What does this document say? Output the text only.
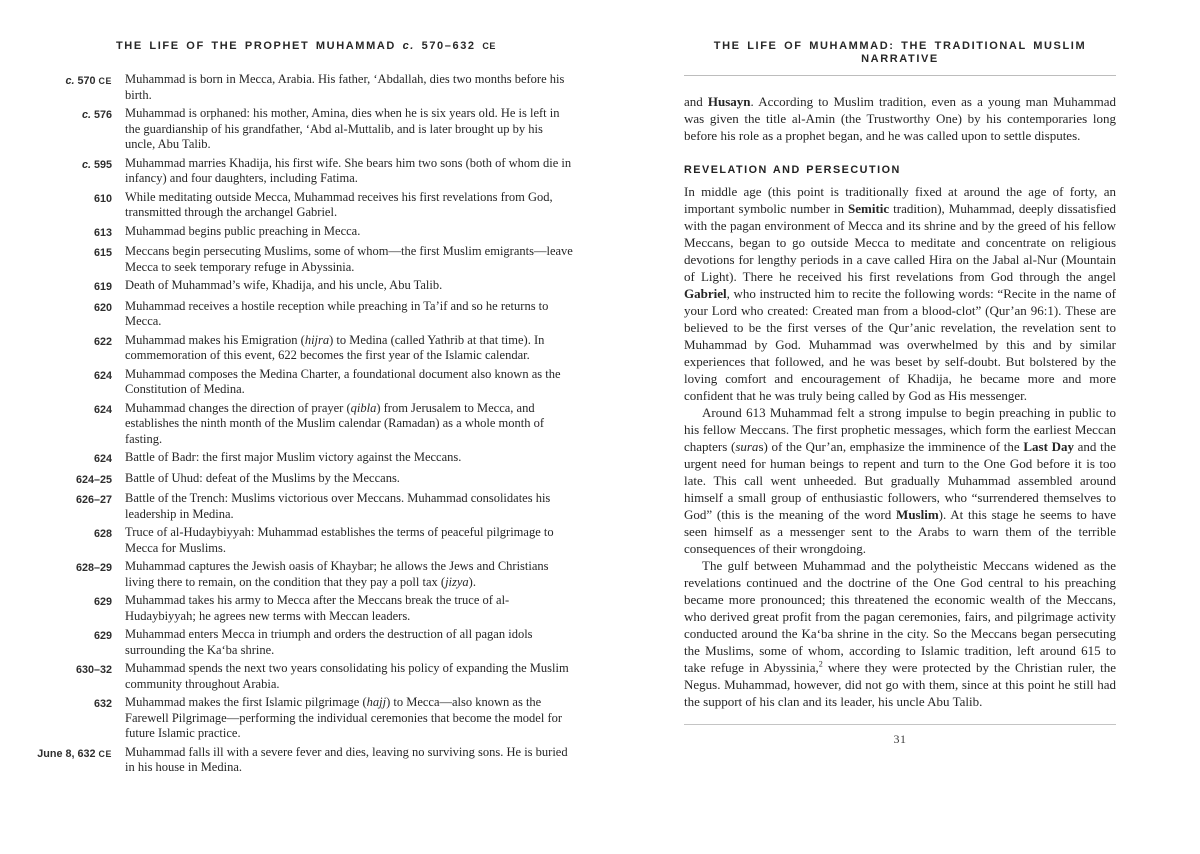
THE LIFE OF THE PROPHET MUHAMMAD c. 570–632 CE
c. 570 CE Muhammad is born in Mecca, Arabia. His father, ‘Abdallah, dies two months before his birth.
c. 576 Muhammad is orphaned: his mother, Amina, dies when he is six years old. He is left in the guardianship of his grandfather, ‘Abd al-Muttalib, and is later brought up by his uncle, Abu Talib.
c. 595 Muhammad marries Khadija, his first wife. She bears him two sons (both of whom die in infancy) and four daughters, including Fatima.
610 While meditating outside Mecca, Muhammad receives his first revelations from God, transmitted through the archangel Gabriel.
613 Muhammad begins public preaching in Mecca.
615 Meccans begin persecuting Muslims, some of whom—the first Muslim emigrants—leave Mecca to seek temporary refuge in Abyssinia.
619 Death of Muhammad’s wife, Khadija, and his uncle, Abu Talib.
620 Muhammad receives a hostile reception while preaching in Ta’if and so he returns to Mecca.
622 Muhammad makes his Emigration (hijra) to Medina (called Yathrib at that time). In commemoration of this event, 622 becomes the first year of the Islamic calendar.
624 Muhammad composes the Medina Charter, a foundational document also known as the Constitution of Medina.
624 Muhammad changes the direction of prayer (qibla) from Jerusalem to Mecca, and establishes the ninth month of the Muslim calendar (Ramadan) as a whole month of fasting.
624 Battle of Badr: the first major Muslim victory against the Meccans.
624–25 Battle of Uhud: defeat of the Muslims by the Meccans.
626–27 Battle of the Trench: Muslims victorious over Meccans. Muhammad consolidates his leadership in Medina.
628 Truce of al-Hudaybiyyah: Muhammad establishes the terms of peaceful pilgrimage to Mecca for Muslims.
628–29 Muhammad captures the Jewish oasis of Khaybar; he allows the Jews and Christians living there to remain, on the condition that they pay a poll tax (jizya).
629 Muhammad takes his army to Mecca after the Meccans break the truce of al-Hudaybiyyah; he agrees new terms with Meccan leaders.
629 Muhammad enters Mecca in triumph and orders the destruction of all pagan idols surrounding the Ka‘ba shrine.
630–32 Muhammad spends the next two years consolidating his policy of expanding the Muslim community throughout Arabia.
632 Muhammad makes the first Islamic pilgrimage (hajj) to Mecca—also known as the Farewell Pilgrimage—performing the individual ceremonies that become the model for future Islamic practice.
June 8, 632 CE Muhammad falls ill with a severe fever and dies, leaving no surviving sons. He is buried in his house in Medina.
THE LIFE OF MUHAMMAD: THE TRADITIONAL MUSLIM NARRATIVE

and Husayn. According to Muslim tradition, even as a young man Muhammad was given the title al-Amin (the Trustworthy One) by his contemporaries long before his role as a prophet began, and he was called upon to settle disputes.

REVELATION AND PERSECUTION

In middle age (this point is traditionally fixed at around the age of forty, an important symbolic number in Semitic tradition), Muhammad, deeply dissatisfied with the pagan environment of Mecca and its shrine and by the greed of his fellow Meccans, began to go outside Mecca to meditate and concentrate on religious devotions for lengthy periods in a cave called Hira on the Jabal al-Nur (Mountain of Light). There he received his first revelations from God through the angel Gabriel, who instructed him to recite the following words: “Recite in the name of your Lord who created: Created man from a blood-clot” (Qur’an 96:1). These are believed to be the first verses of the Qur’anic revelation, the revelation sent to Muhammad by God. Muhammad was overwhelmed by this and by similar experiences that followed, and he was beset by self-doubt. But bolstered by the loving comfort and encouragement of Khadija, he became more and more confident that he was truly being called by God as His messenger.

Around 613 Muhammad felt a strong impulse to begin preaching in public to his fellow Meccans. The first prophetic messages, which form the earliest Meccan chapters (suras) of the Qur’an, emphasize the imminence of the Last Day and the urgent need for human beings to repent and turn to the One God before it is too late. This call went unheeded. But gradually Muhammad assembled around himself a small group of enthusiastic followers, who “surrendered themselves to God” (this is the meaning of the word Muslim). At this stage he seems to have seen himself as a messenger sent to the Arabs to warn them of the terrible consequences of their wrongdoing.

The gulf between Muhammad and the polytheistic Meccans widened as the revelations continued and the doctrine of the One God central to his preaching became more pronounced; this threatened the economic wealth of the Meccans, who derived great profit from the pagan ceremonies, fairs, and pilgrimage activity conducted around the Ka‘ba shrine in the city. So the Meccans began persecuting the Muslims, some of whom, according to Islamic tradition, left around 615 to take refuge in Abyssinia,$^2$ where they were protected by the Christian ruler, the Negus. Muhammad, however, did not go with them, since at this point he still had the support of his clan and its leader, his uncle Abu Talib.

31
